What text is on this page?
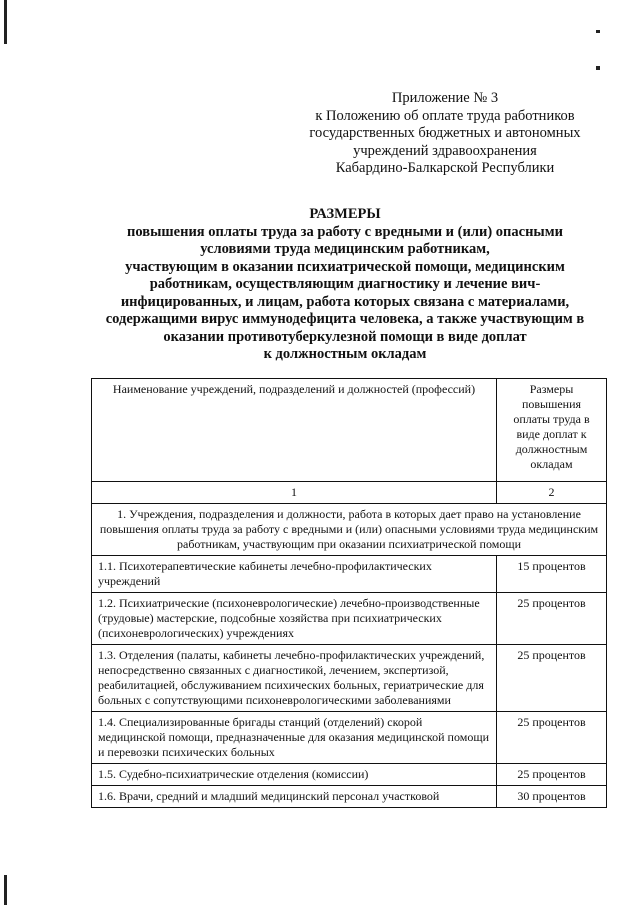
Приложение № 3
к Положению об оплате труда работников
государственных бюджетных и автономных
учреждений здравоохранения
Кабардино-Балкарской Республики
РАЗМЕРЫ
повышения оплаты труда за работу с вредными и (или) опасными
условиями труда медицинским работникам,
участвующим в оказании психиатрической помощи, медицинским
работникам, осуществляющим диагностику и лечение вич-
инфицированных, и лицам, работа которых связана с материалами,
содержащими вирус иммунодефицита человека, а также участвующим в
оказании противотуберкулезной помощи в виде доплат
к должностным окладам
Наименование учреждений, подразделений и должностей (профессий)	Размеры повышения оплаты труда в виде доплат к должностным окладам
1	2
1. Учреждения, подразделения и должности, работа в которых дает право на установление повышения оплаты труда за работу с вредными и (или) опасными условиями труда медицинским работникам, участвующим при оказании психиатрической помощи	
1.1. Психотерапевтические кабинеты лечебно-профилактических учреждений	15 процентов
1.2. Психиатрические (психоневрологические) лечебно-производственные (трудовые) мастерские, подсобные хозяйства при психиатрических (психоневрологических) учреждениях	25 процентов
1.3. Отделения (палаты, кабинеты лечебно-профилактических учреждений, непосредственно связанных с диагностикой, лечением, экспертизой, реабилитацией, обслуживанием психических больных, гериатрические для больных с сопутствующими психоневрологическими заболеваниями	25 процентов
1.4. Специализированные бригады станций (отделений) скорой медицинской помощи, предназначенные для оказания медицинской помощи и перевозки психических больных	25 процентов
1.5. Судебно-психиатрические отделения (комиссии)	25 процентов
1.6. Врачи, средний и младший медицинский персонал участковой	30 процентов
